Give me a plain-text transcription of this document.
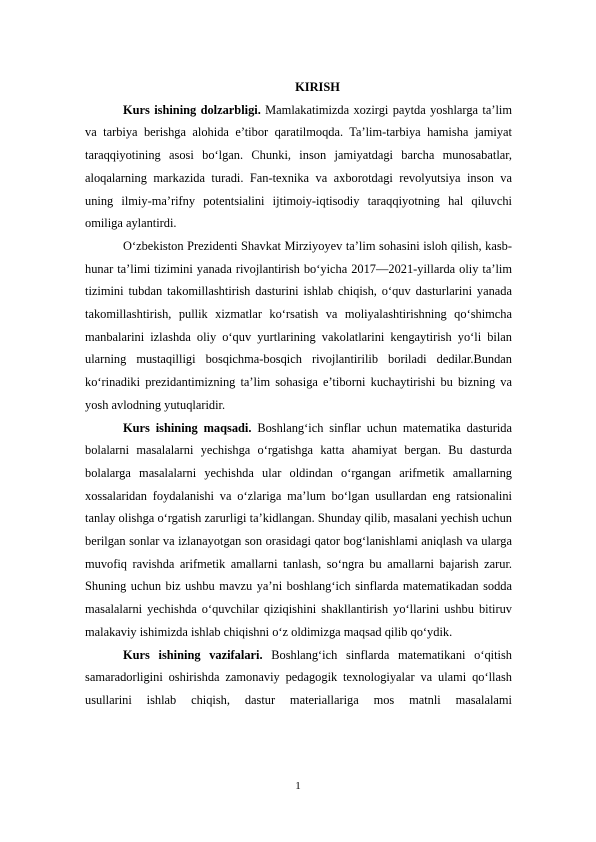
KIRISH

Kurs ishining dolzarbligi. Mamlakatimizda xozirgi paytda yoshlarga ta’lim va tarbiya berishga alohida e’tibor qaratilmoqda. Ta’lim-tarbiya hamisha jamiyat taraqqiyotining asosi bo‘lgan. Chunki, inson jamiyatdagi barcha munosabatlar, aloqalarning markazida turadi. Fan-texnika va axborotdagi revolyutsiya inson va uning ilmiy-ma’rifny potentsialini ijtimoiy-iqtisodiy taraqqiyotning hal qiluvchi omiliga aylantirdi.

O‘zbekiston Prezidenti Shavkat Mirziyoyev ta’lim sohasini isloh qilish, kasb-hunar ta’limi tizimini yanada rivojlantirish bo‘yicha 2017—2021-yillarda oliy ta’lim tizimini tubdan takomillashtirish dasturini ishlab chiqish, o‘quv dasturlarini yanada takomillashtirish, pullik xizmatlar ko‘rsatish va moliyalashtirishning qo‘shimcha manbalarini izlashda oliy o‘quv yurtlarining vakolatlarini kengaytirish yo‘li bilan ularning mustaqilligi bosqichma-bosqich rivojlantirilib boriladi dedilar.Bundan ko‘rinadiki prezidantimizning ta’lim sohasiga e’tiborni kuchaytirishi bu bizning va yosh avlodning yutuqlaridir.

Kurs ishining maqsadi. Boshlang‘ich sinflar uchun matematika dasturida bolalarni masalalarni yechishga o‘rgatishga katta ahamiyat bergan. Bu dasturda bolalarga masalalarni yechishda ular oldindan o‘rgangan arifmetik amallarning xossalaridan foydalanishi va o‘zlariga ma’lum bo‘lgan usullardan eng ratsionalini tanlay olishga o‘rgatish zarurligi ta’kidlangan. Shunday qilib, masalani yechish uchun berilgan sonlar va izlanayotgan son orasidagi qator bog‘lanishlami aniqlash va ularga muvofiq ravishda arifmetik amallarni tanlash, so‘ngra bu amallarni bajarish zarur. Shuning uchun biz ushbu mavzu ya’ni boshlang‘ich sinflarda matematikadan sodda masalalarni yechishda o‘quvchilar qiziqishini shakllantirish yo‘llarini ushbu bitiruv malakaviy ishimizda ishlab chiqishni o‘z oldimizga maqsad qilib qo‘ydik.

Kurs ishining vazifalari. Boshlang‘ich sinflarda matematikani o‘qitish samaradorligini oshirishda zamonaviy pedagogik texnologiyalar va ulami qo‘llash usullarini ishlab chiqish, dastur materiallariga mos matnli masalalami

1
